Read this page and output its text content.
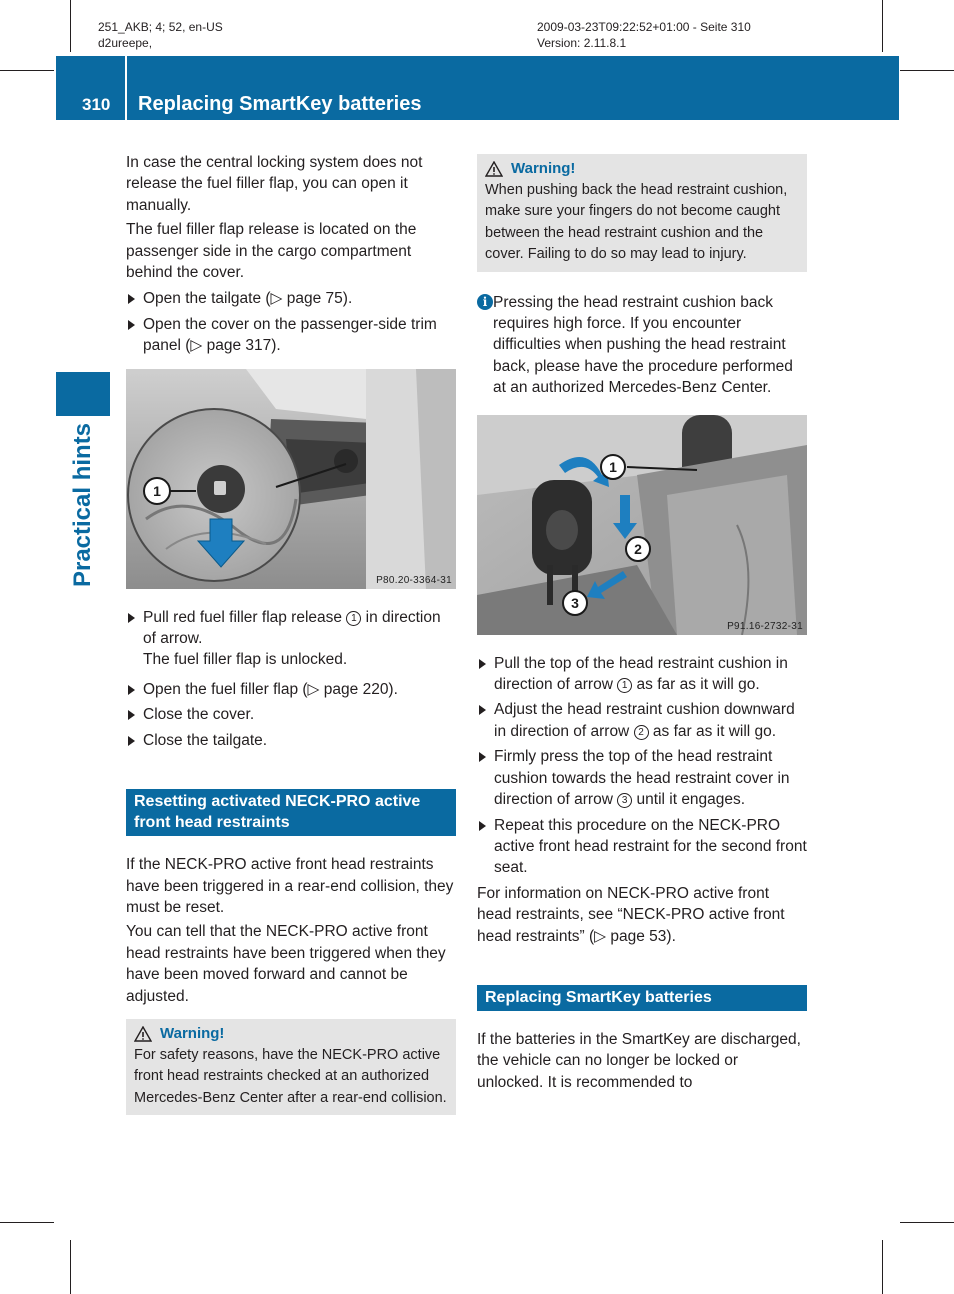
251_AKB; 4; 52, en-US
d2ureepe,
2009-03-23T09:22:52+01:00 - Seite 310
Version: 2.11.8.1
310 Replacing SmartKey batteries
Practical hints

In case the central locking system does not release the fuel filler flap, you can open it manually.

The fuel filler flap release is located on the passenger side in the cargo compartment behind the cover.

Open the tailgate (▷ page 75).
Open the cover on the passenger-side trim panel (▷ page 317).
1
P80.20-3364-31
Pull red fuel filler flap release 1 in direction of arrow.
The fuel filler flap is unlocked.
Open the fuel filler flap (▷ page 220).
Close the cover.
Close the tailgate.
Resetting activated NECK-PRO active front head restraints

If the NECK-PRO active front head restraints have been triggered in a rear-end collision, they must be reset.

You can tell that the NECK-PRO active front head restraints have been triggered when they have been moved forward and cannot be adjusted.

Warning!
For safety reasons, have the NECK-PRO active front head restraints checked at an authorized Mercedes-Benz Center after a rear-end collision.
Warning!
When pushing back the head restraint cushion, make sure your fingers do not become caught between the head restraint cushion and the cover. Failing to do so may lead to injury.
i Pressing the head restraint cushion back requires high force. If you encounter difficulties when pushing the head restraint back, please have the procedure performed at an authorized Mercedes-Benz Center.
1
2
3
P91.16-2732-31
Pull the top of the head restraint cushion in direction of arrow 1 as far as it will go.
Adjust the head restraint cushion downward in direction of arrow 2 as far as it will go.
Firmly press the top of the head restraint cushion towards the head restraint cover in direction of arrow 3 until it engages.
Repeat this procedure on the NECK-PRO active front head restraint for the second front seat.

For information on NECK-PRO active front head restraints, see “NECK-PRO active front head restraints” (▷ page 53).

Replacing SmartKey batteries

If the batteries in the SmartKey are discharged, the vehicle can no longer be locked or unlocked. It is recommended to
